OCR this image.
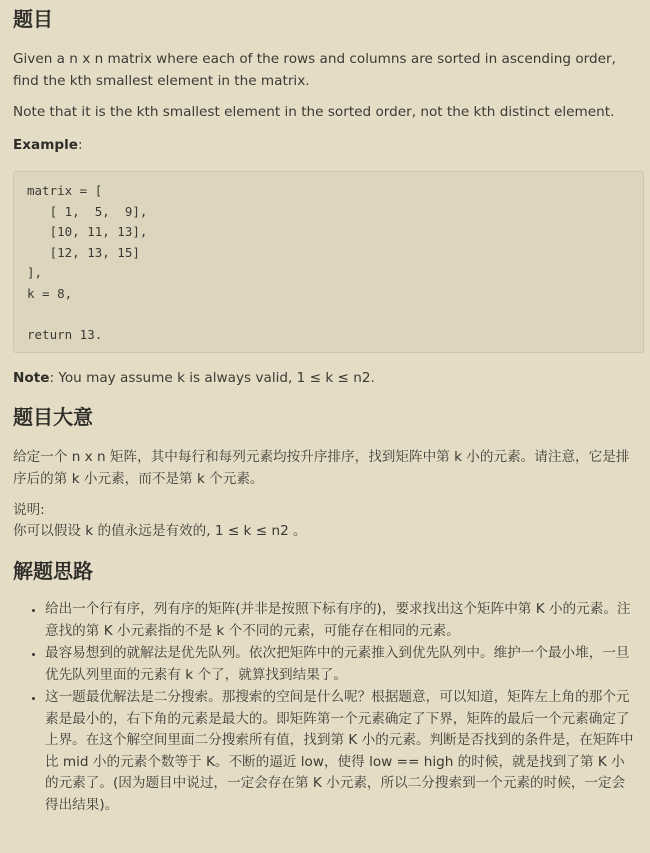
题目

Given a n x n matrix where each of the rows and columns are sorted in ascending order, find the kth smallest element in the matrix.

Note that it is the kth smallest element in the sorted order, not the kth distinct element.

Example:

matrix = [
[ 1,  5,  9],
[10, 11, 13],
[12, 13, 15]
],
k = 8,

return 13.

Note: You may assume k is always valid, 1 ≤ k ≤ n2.

题目大意

给定一个 n x n 矩阵，其中每行和每列元素均按升序排序，找到矩阵中第 k 小的元素。请注意，它是排序后的第 k 小元素，而不是第 k 个元素。

说明:

你可以假设 k 的值永远是有效的, 1 ≤ k ≤ n2 。

解题思路
• 给出一个行有序，列有序的矩阵(并非是按照下标有序的)，要求找出这个矩阵中第 K 小的元素。注意找的第 K 小元素指的不是 k 个不同的元素，可能存在相同的元素。
• 最容易想到的就解法是优先队列。依次把矩阵中的元素推入到优先队列中。维护一个最小堆，一旦优先队列里面的元素有 k 个了，就算找到结果了。
• 这一题最优解法是二分搜索。那搜索的空间是什么呢？根据题意，可以知道，矩阵左上角的那个元素是最小的，右下角的元素是最大的。即矩阵第一个元素确定了下界，矩阵的最后一个元素确定了上界。在这个解空间里面二分搜索所有值，找到第 K 小的元素。判断是否找到的条件是，在矩阵中比 mid 小的元素个数等于 K。不断的逼近 low，使得 low == high 的时候，就是找到了第 K 小的元素了。(因为题目中说过，一定会存在第 K 小元素，所以二分搜索到一个元素的时候，一定会得出结果)。
